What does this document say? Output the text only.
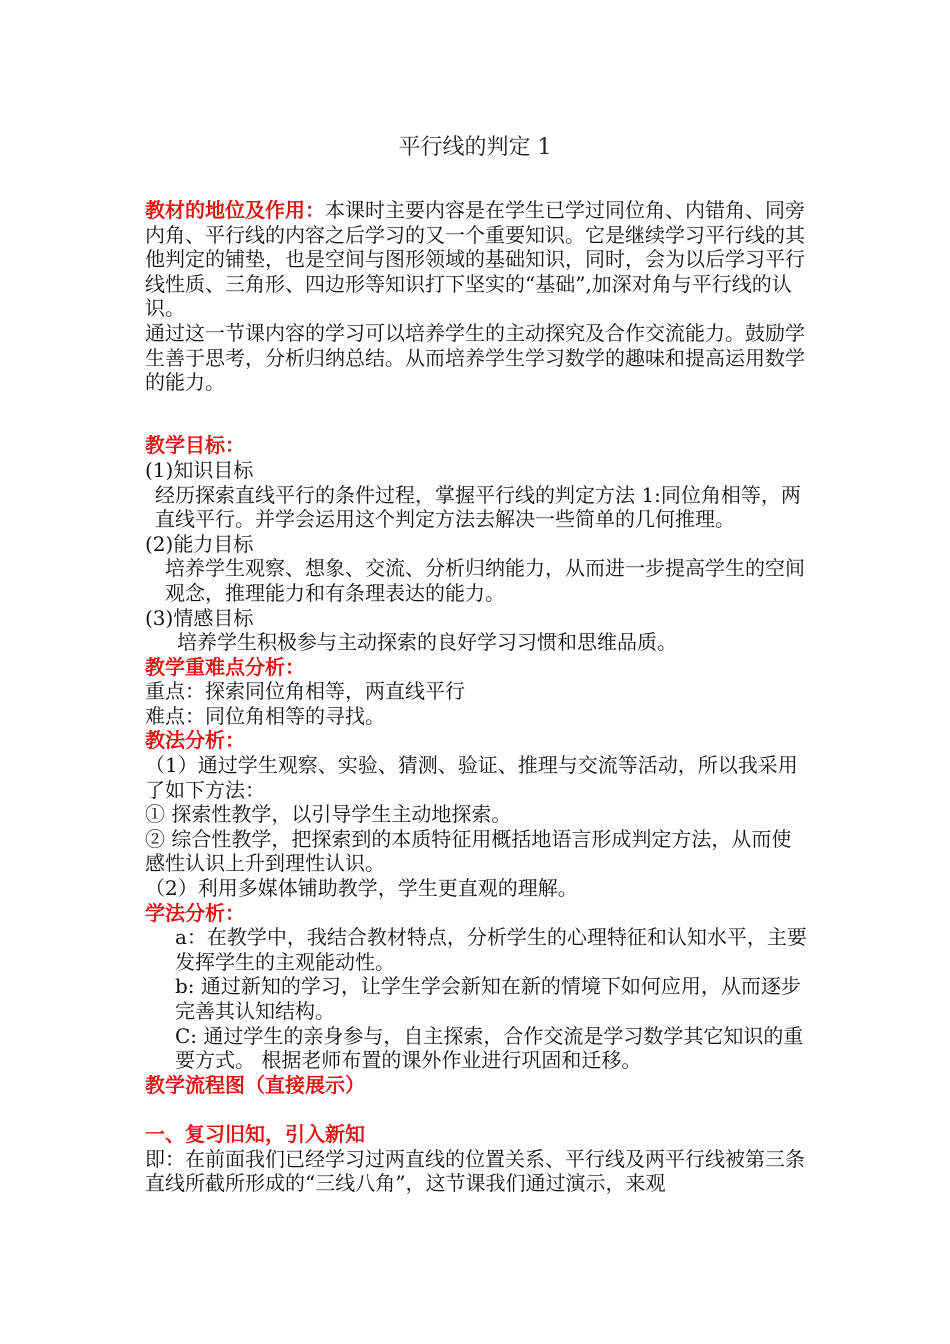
平行线的判定 1

教材的地位及作用：本课时主要内容是在学生已学过同位角、内错角、同旁内角、平行线的内容之后学习的又一个重要知识。它是继续学习平行线的其他判定的铺垫，也是空间与图形领域的基础知识，同时，会为以后学习平行线性质、三角形、四边形等知识打下坚实的“基础”,加深对角与平行线的认识。

通过这一节课内容的学习可以培养学生的主动探究及合作交流能力。鼓励学生善于思考，分析归纳总结。从而培养学生学习数学的趣味和提高运用数学的能力。

教学目标：

(1)知识目标

经历探索直线平行的条件过程，掌握平行线的判定方法 1:同位角相等，两直线平行。并学会运用这个判定方法去解决一些简单的几何推理。

(2)能力目标

培养学生观察、想象、交流、分析归纳能力，从而进一步提高学生的空间观念，推理能力和有条理表达的能力。

(3)情感目标

培养学生积极参与主动探索的良好学习习惯和思维品质。

教学重难点分析：

重点：探索同位角相等，两直线平行

难点：同位角相等的寻找。

教法分析：

（1）通过学生观察、实验、猜测、验证、推理与交流等活动，所以我采用了如下方法：

① 探索性教学，以引导学生主动地探索。

② 综合性教学，把探索到的本质特征用概括地语言形成判定方法，从而使感性认识上升到理性认识。

（2）利用多媒体铺助教学，学生更直观的理解。

学法分析：

a：在教学中，我结合教材特点，分析学生的心理特征和认知水平，主要发挥学生的主观能动性。

b: 通过新知的学习，让学生学会新知在新的情境下如何应用，从而逐步完善其认知结构。

C: 通过学生的亲身参与，自主探索，合作交流是学习数学其它知识的重要方式。 根据老师布置的课外作业进行巩固和迁移。

教学流程图（直接展示）

一、复习旧知，引入新知

即：在前面我们已经学习过两直线的位置关系、平行线及两平行线被第三条直线所截所形成的“三线八角”，这节课我们通过演示，来观
